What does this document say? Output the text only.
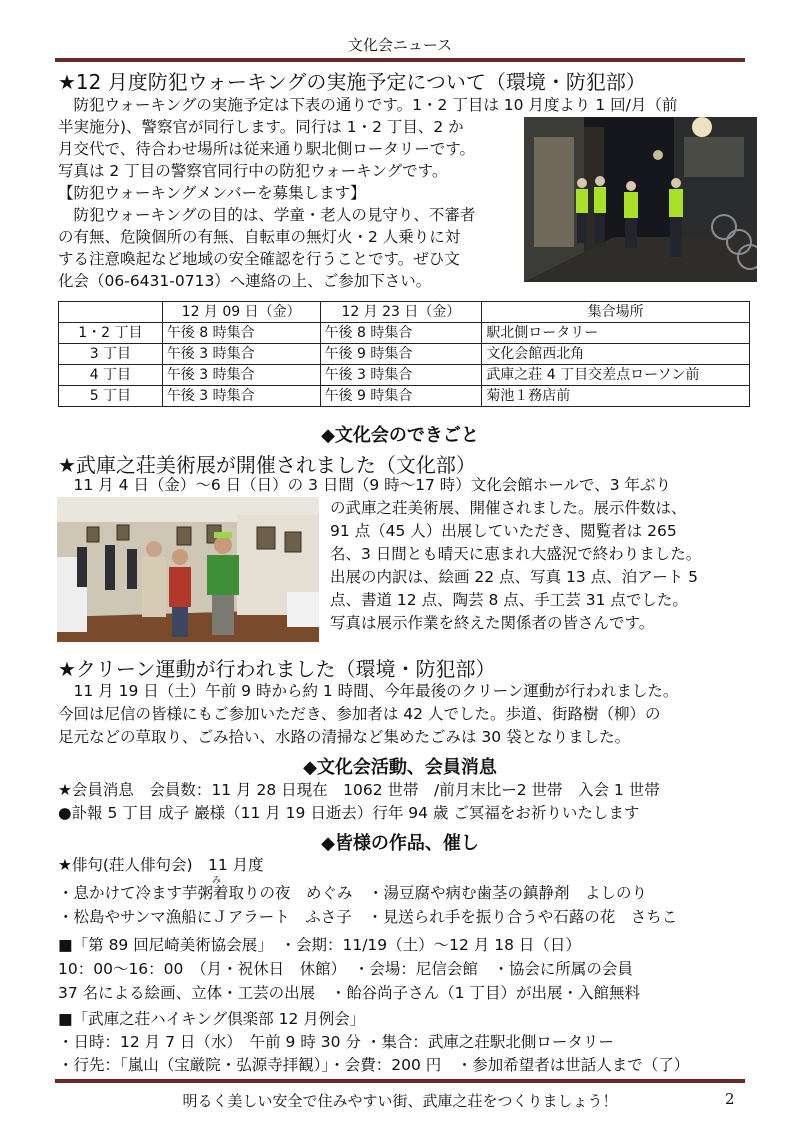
文化会ニュース
★12 月度防犯ウォーキングの実施予定について（環境・防犯部）
　防犯ウォーキングの実施予定は下表の通りです。1・2 丁目は 10 月度より 1 回/月（前
半実施分)、警察官が同行します。同行は 1・2 丁目、2 か
月交代で、待合わせ場所は従来通り駅北側ロータリーです。
写真は 2 丁目の警察官同行中の防犯ウォーキングです。
【防犯ウォーキングメンバーを募集します】
　防犯ウォーキングの目的は、学童・老人の見守り、不審者
の有無、危険個所の有無、自転車の無灯火・2 人乗りに対
する注意喚起など地域の安全確認を行うことです。ぜひ文
化会（06-6431-0713）へ連絡の上、ご参加下さい。
	12 月 09 日（金）	12 月 23 日（金）	集合場所
1・2 丁目	午後 8 時集合	午後 8 時集合	駅北側ロータリー
3 丁目	午後 3 時集合	午後 9 時集合	文化会館西北角
4 丁目	午後 3 時集合	午後 3 時集合	武庫之荘 4 丁目交差点ローソン前
5 丁目	午後 3 時集合	午後 9 時集合	菊池１務店前
◆文化会のできごと
★武庫之荘美術展が開催されました（文化部）
　11 月 4 日（金）～6 日（日）の 3 日間（9 時～17 時）文化会館ホールで、3 年ぶり
の武庫之荘美術展、開催されました。展示件数は、
91 点（45 人）出展していただき、閲覧者は 265
名、3 日間とも晴天に恵まれ大盛況で終わりました。
出展の内訳は、絵画 22 点、写真 13 点、泊アート 5
点、書道 12 点、陶芸 8 点、手工芸 31 点でした。
写真は展示作業を終えた関係者の皆さんです。
★クリーン運動が行われました（環境・防犯部）
　11 月 19 日（土）午前 9 時から約 1 時間、今年最後のクリーン運動が行われました。
今回は尼信の皆様にもご参加いただき、参加者は 42 人でした。歩道、街路樹（柳）の
足元などの草取り、ごみ拾い、水路の清掃など集めたごみは 30 袋となりました。
◆文化会活動、会員消息
★会員消息　会員数：11 月 28 日現在　1062 世帯　/前月末比ー2 世帯　入会 1 世帯
●訃報 5 丁目 成子 巖様（11 月 19 日逝去）行年 94 歳 ご冥福をお祈りいたします
◆皆様の作品、催し
★俳句(荘人俳句会)　11 月度
み
・息かけて冷ます芋粥着取りの夜　めぐみ　・湯豆腐や病む歯茎の鎮静剤　よしのり
・松島やサンマ漁船にＪアラート　ふさ子　・見送られ手を振り合うや石蕗の花　さちこ
■「第 89 回尼崎美術協会展」　・会期：11/19（土）～12 月 18 日（日）
10：00～16：00　（月・祝休日　休館）　・会場：尼信会館　・協会に所属の会員
37 名による絵画、立体・工芸の出展　・飴谷尚子さん（1 丁目）が出展・入館無料
■「武庫之荘ハイキング倶楽部 12 月例会」
・日時：12 月 7 日（水）　午前 9 時 30 分 ・集合：武庫之荘駅北側ロータリー
・行先：「嵐山（宝厳院・弘源寺拝観）」・会費：200 円　・参加希望者は世話人まで（了）
明るく美しい安全で住みやすい街、武庫之荘をつくりましょう！	2
